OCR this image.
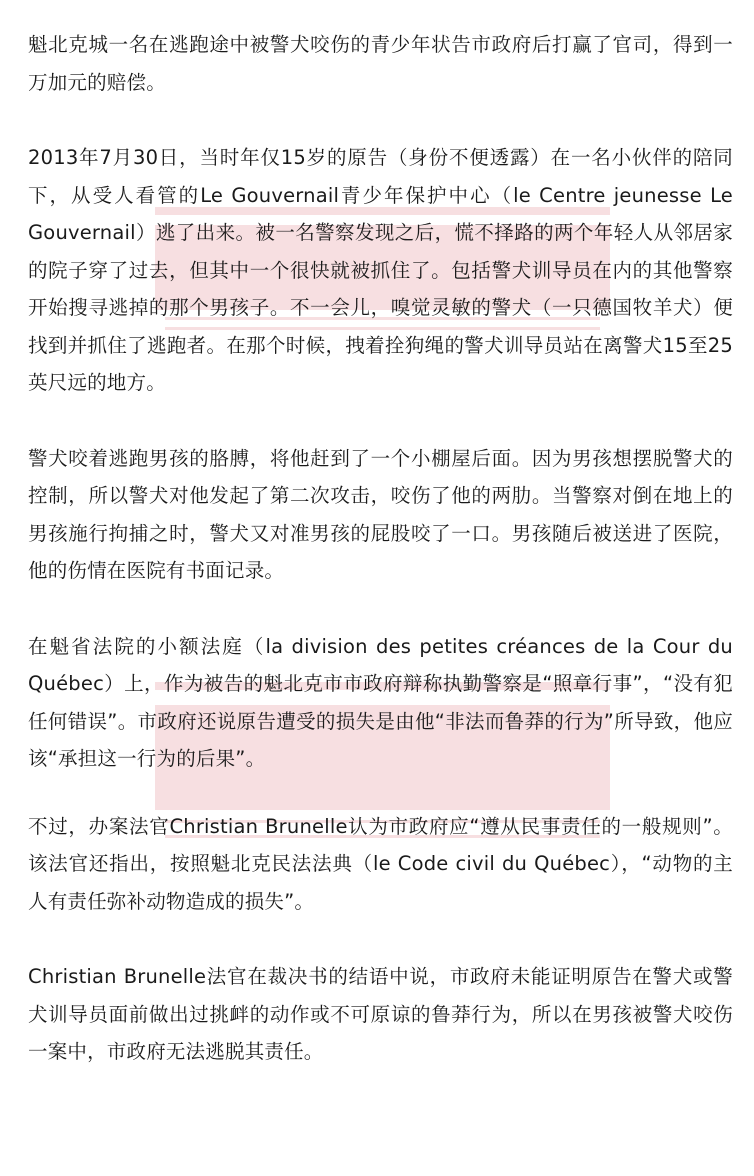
魁北克城一名在逃跑途中被警犬咬伤的青少年状告市政府后打赢了官司，得到一万加元的赔偿。

2013年7月30日，当时年仅15岁的原告（身份不便透露）在一名小伙伴的陪同下，从受人看管的Le Gouvernail青少年保护中心（le Centre jeunesse Le Gouvernail）逃了出来。被一名警察发现之后，慌不择路的两个年轻人从邻居家的院子穿了过去，但其中一个很快就被抓住了。包括警犬训导员在内的其他警察开始搜寻逃掉的那个男孩子。不一会儿，嗅觉灵敏的警犬（一只德国牧羊犬）便找到并抓住了逃跑者。在那个时候，拽着拴狗绳的警犬训导员站在离警犬15至25英尺远的地方。

警犬咬着逃跑男孩的胳膊，将他赶到了一个小棚屋后面。因为男孩想摆脱警犬的控制，所以警犬对他发起了第二次攻击，咬伤了他的两肋。当警察对倒在地上的男孩施行拘捕之时，警犬又对准男孩的屁股咬了一口。男孩随后被送进了医院，他的伤情在医院有书面记录。

在魁省法院的小额法庭（la division des petites créances de la Cour du Québec）上，作为被告的魁北克市市政府辩称执勤警察是“照章行事”，“没有犯任何错误”。市政府还说原告遭受的损失是由他“非法而鲁莽的行为”所导致，他应该“承担这一行为的后果”。

不过，办案法官Christian Brunelle认为市政府应“遵从民事责任的一般规则”。该法官还指出，按照魁北克民法法典（le Code civil du Québec），“动物的主人有责任弥补动物造成的损失”。

Christian Brunelle法官在裁决书的结语中说，市政府未能证明原告在警犬或警犬训导员面前做出过挑衅的动作或不可原谅的鲁莽行为，所以在男孩被警犬咬伤一案中，市政府无法逃脱其责任。
